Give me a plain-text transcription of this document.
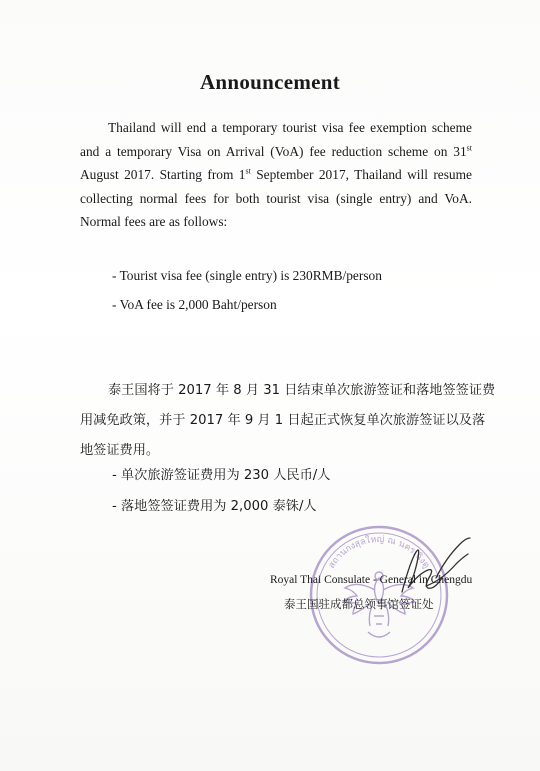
Announcement
Thailand will end a temporary tourist visa fee exemption scheme
and a temporary Visa on Arrival (VoA) fee reduction scheme on 31st
August 2017. Starting from 1st September 2017, Thailand will resume
collecting normal fees for both tourist visa (single entry) and VoA.
Normal fees are as follows:
- Tourist visa fee (single entry) is 230RMB/person
- VoA fee is 2,000 Baht/person
泰王国将于 2017 年 8 月 31 日结束单次旅游签证和落地签签证费
用减免政策，并于 2017 年 9 月 1 日起正式恢复单次旅游签证以及落
地签证费用。
- 单次旅游签证费用为 230 人民币/人
- 落地签签证费用为 2,000 泰铢/人
สถานกงสุลใหญ่ ณ นครเฉิงตู
Royal Thai Consulate - General in Chengdu
泰王国驻成都总领事馆签证处
